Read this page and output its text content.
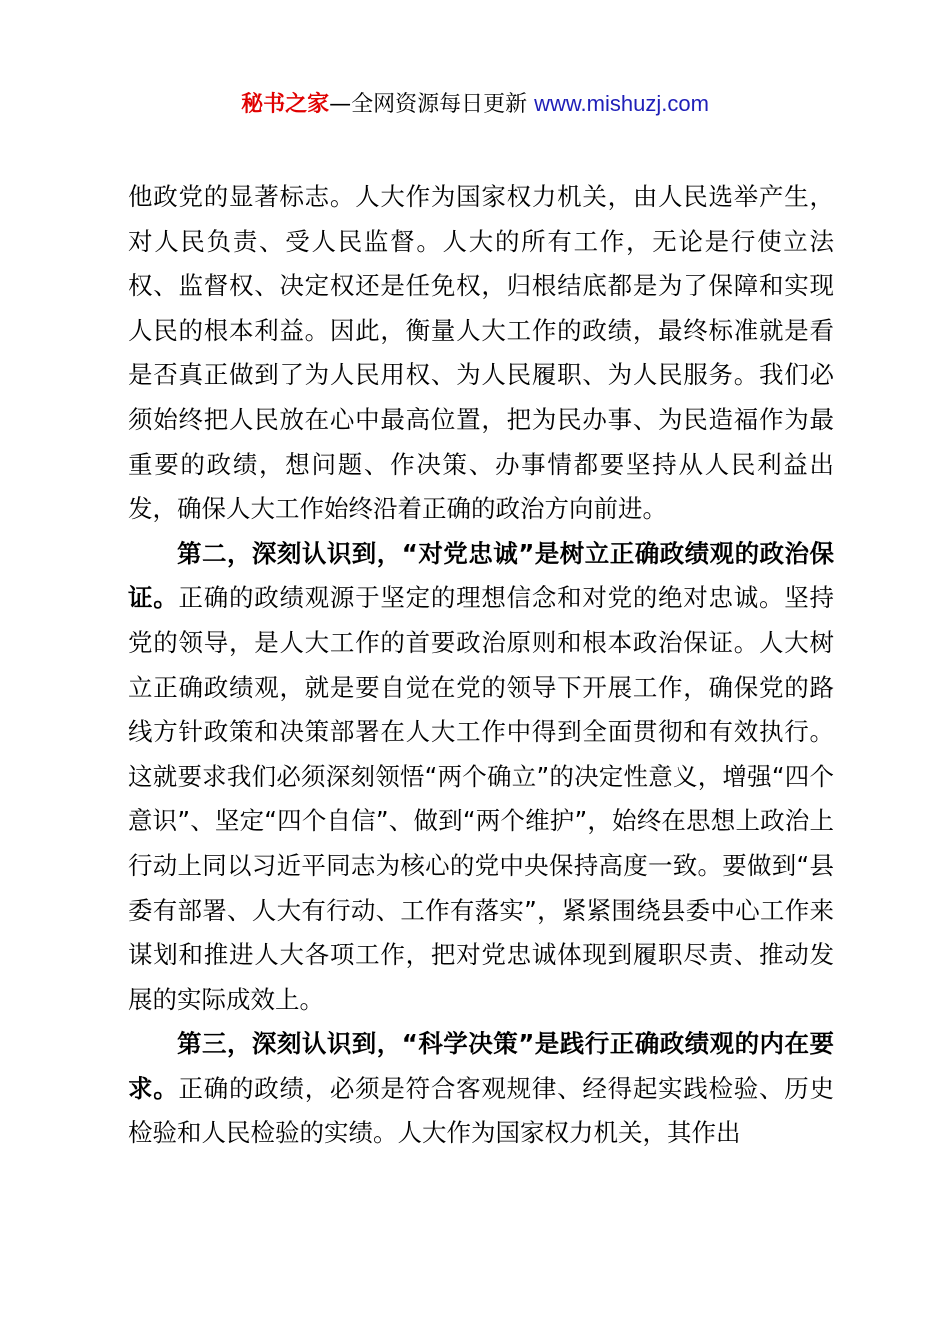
秘书之家—全网资源每日更新 www.mishuzj.com

他政党的显著标志。人大作为国家权力机关，由人民选举产生，对人民负责、受人民监督。人大的所有工作，无论是行使立法权、监督权、决定权还是任免权，归根结底都是为了保障和实现人民的根本利益。因此，衡量人大工作的政绩，最终标准就是看是否真正做到了为人民用权、为人民履职、为人民服务。我们必须始终把人民放在心中最高位置，把为民办事、为民造福作为最重要的政绩，想问题、作决策、办事情都要坚持从人民利益出发，确保人大工作始终沿着正确的政治方向前进。

第二，深刻认识到，“对党忠诚”是树立正确政绩观的政治保证。正确的政绩观源于坚定的理想信念和对党的绝对忠诚。坚持党的领导，是人大工作的首要政治原则和根本政治保证。人大树立正确政绩观，就是要自觉在党的领导下开展工作，确保党的路线方针政策和决策部署在人大工作中得到全面贯彻和有效执行。这就要求我们必须深刻领悟“两个确立”的决定性意义，增强“四个意识”、坚定“四个自信”、做到“两个维护”，始终在思想上政治上行动上同以习近平同志为核心的党中央保持高度一致。要做到“县委有部署、人大有行动、工作有落实”，紧紧围绕县委中心工作来谋划和推进人大各项工作，把对党忠诚体现到履职尽责、推动发展的实际成效上。

第三，深刻认识到，“科学决策”是践行正确政绩观的内在要求。正确的政绩，必须是符合客观规律、经得起实践检验、历史检验和人民检验的实绩。人大作为国家权力机关，其作出
